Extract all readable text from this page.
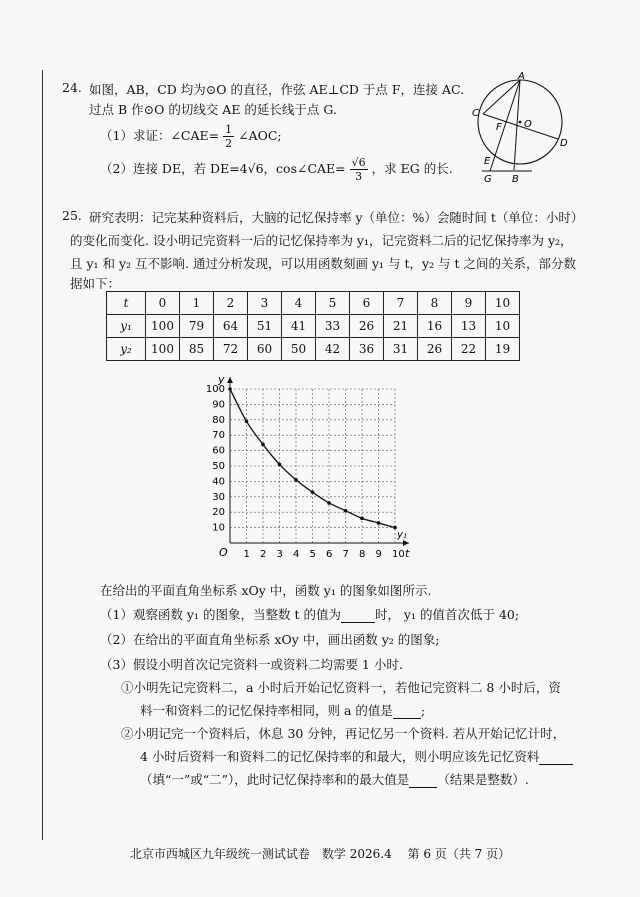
24. 如图，AB，CD 均为⊙O 的直径，作弦 AE⊥CD 于点 F，连接 AC.
过点 B 作⊙O 的切线交 AE 的延长线于点 G.
（1）求证：∠CAE= $\frac{1}{2}$ ∠AOC;
（2）连接 DE，若 DE=4√6，cos∠CAE= $\frac{√6}{3}$ ，求 EG 的长.
A
C
F O
D
E
G B
25. 研究表明：记完某种资料后，大脑的记忆保持率 y（单位：%）会随时间 t（单位：小时）
的变化而变化. 设小明记完资料一后的记忆保持率为 y₁，记完资料二后的记忆保持率为 y₂，
且 y₁ 和 y₂ 互不影响. 通过分析发现，可以用函数刻画 y₁ 与 t，y₂ 与 t 之间的关系，部分数
据如下：
t	0	1	2	3	4	5	6	7	8	9	10
y₁	100	79	64	51	41	33	26	21	16	13	10
y₂	100	85	72	60	50	42	36	31	26	22	19
1 2 3 4 5 6 7 8 9 10
10
20
30
40
50
60
70
80
90
100
t
y
O
y₁
在给出的平面直角坐标系 xOy 中，函数 y₁ 的图象如图所示.
（1）观察函数 y₁ 的图象，当整数 t 的值为	时， y₁ 的值首次低于 40;
（2）在给出的平面直角坐标系 xOy 中，画出函数 y₂ 的图象;
（3）假设小明首次记完资料一或资料二均需要 1 小时.
①小明先记完资料二，a 小时后开始记忆资料一，若他记完资料二 8 小时后，资
料一和资料二的记忆保持率相同，则 a 的值是 ;
②小明记完一个资料后，休息 30 分钟，再记忆另一个资料. 若从开始记忆计时，
4 小时后资料一和资料二的记忆保持率的和最大，则小明应该先记忆资料
（填“一”或“二”），此时记忆保持率和的最大值是 （结果是整数）.
北京市西城区九年级统一测试试卷　数学 2026.4　 第 6 页（共 7 页）
